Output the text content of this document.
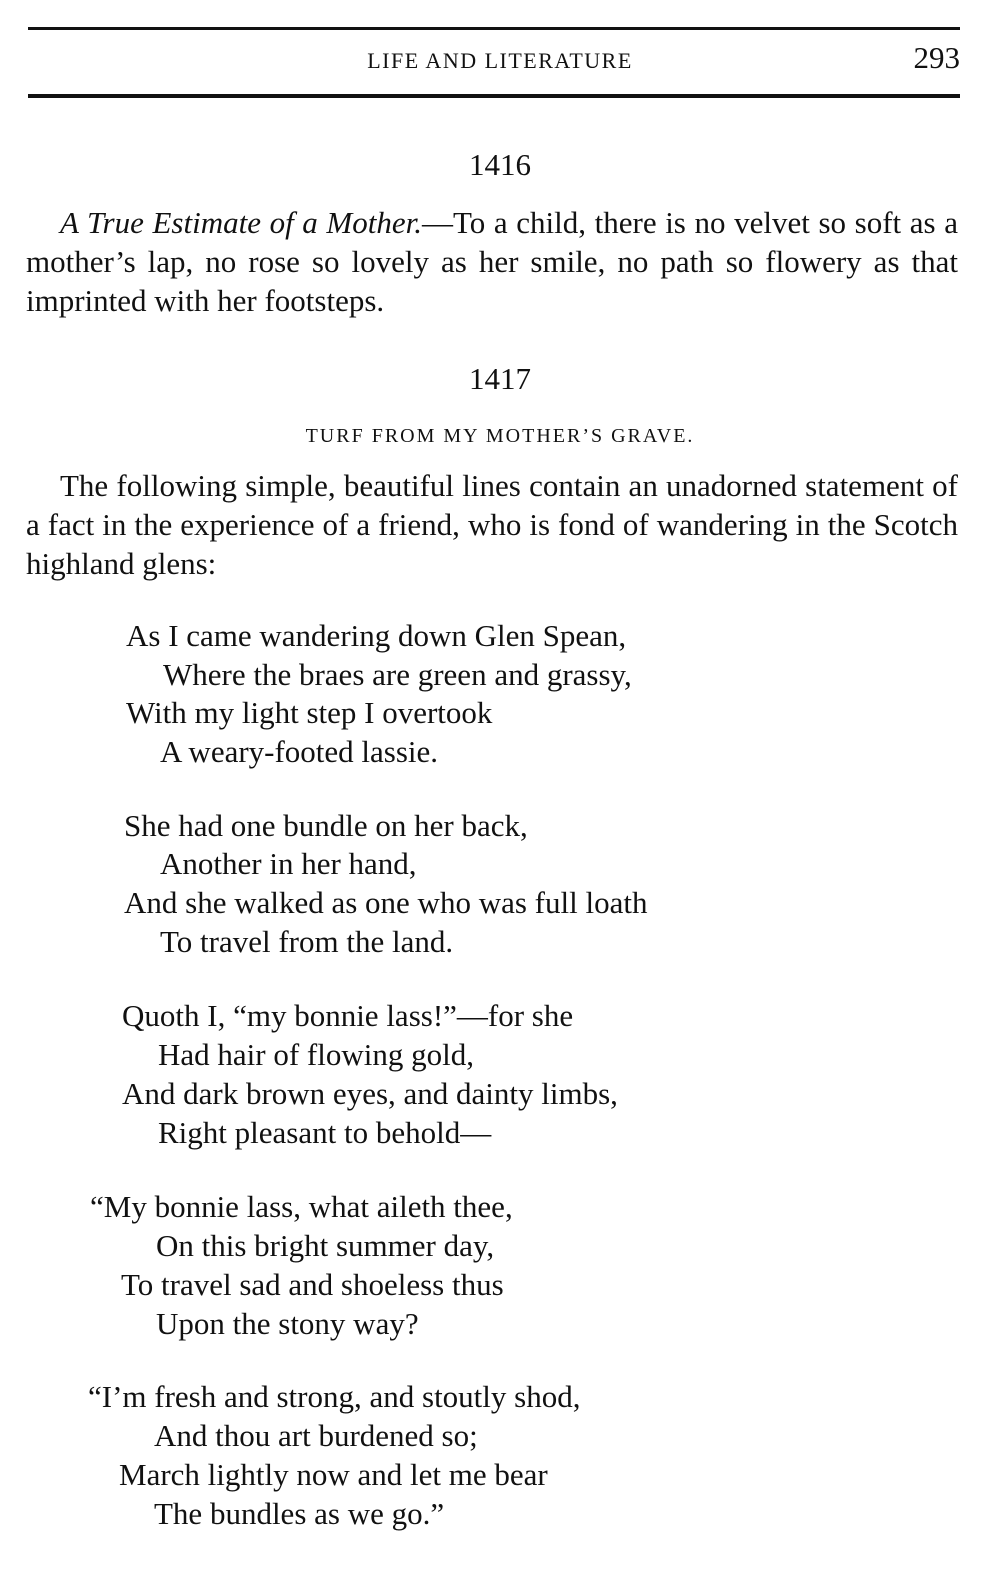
LIFE AND LITERATURE	293
1416

A True Estimate of a Mother.—To a child, there is no velvet so soft as a mother’s lap, no rose so lovely as her smile, no path so flowery as that imprinted with her footsteps.

1417
TURF FROM MY MOTHER’S GRAVE.

The following simple, beautiful lines contain an unadorned statement of a fact in the experience of a friend, who is fond of wandering in the Scotch highland glens:

As I came wandering down Glen Spean,
Where the braes are green and grassy,
With my light step I overtook
A weary-footed lassie.
She had one bundle on her back,
Another in her hand,
And she walked as one who was full loath
To travel from the land.
Quoth I, “my bonnie lass!”—for she
Had hair of flowing gold,
And dark brown eyes, and dainty limbs,
Right pleasant to behold—
“My bonnie lass, what aileth thee,
On this bright summer day,
To travel sad and shoeless thus
Upon the stony way?
“I’m fresh and strong, and stoutly shod,
And thou art burdened so;
March lightly now and let me bear
The bundles as we go.”
